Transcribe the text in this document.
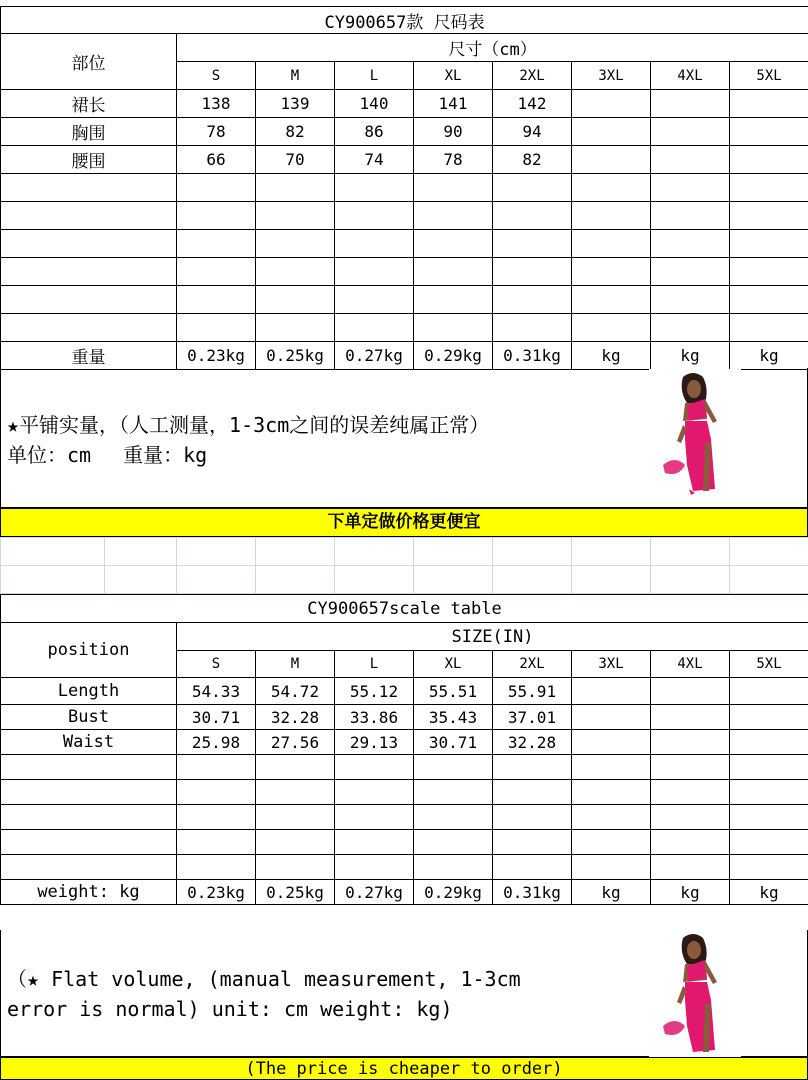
CY900657款 尺码表								
部位	尺寸（cm）							
	S	M	L	XL	2XL	3XL	4XL	5XL
裙长	138	139	140	141	142			
胸围	78	82	86	90	94			
腰围	66	70	74	78	82			

重量	0.23kg	0.25kg	0.27kg	0.29kg	0.31kg	kg	kg	kg
★平铺实量，（人工测量，1-3cm之间的误差纯属正常）
单位：cm　 重量：kg
下单定做价格更便宜

CY900657scale table								
position	SIZE(IN)							
	S	M	L	XL	2XL	3XL	4XL	5XL
Length	54.33	54.72	55.12	55.51	55.91			
Bust	30.71	32.28	33.86	35.43	37.01			
Waist	25.98	27.56	29.13	30.71	32.28			

weight: kg	0.23kg	0.25kg	0.27kg	0.29kg	0.31kg	kg	kg	kg
（★ Flat volume, (manual measurement, 1-3cm
error is normal) unit: cm weight: kg)
(The price is cheaper to order)
